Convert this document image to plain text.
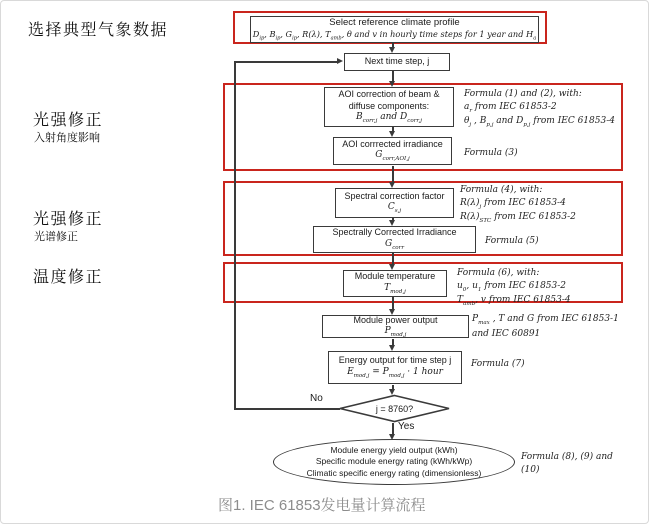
选择典型气象数据
光强修正
入射角度影响
光强修正
光谱修正
温度修正
Select reference climate profile
$D_{ip}$, $B_{ip}$, $G_{ip}$, R(λ), $T_{amb}$, θ and v in hourly time steps for 1 year and $H_a$
Next time step, j
AOI correction of beam &
diffuse components:
$B_{corr,j}$ and $D_{corr,j}$
AOI corrrected irradiance
$G_{corr,AOI,j}$
Spectral correction factor
$C_{s,j}$
Spectrally Corrected Irradiance
$G_{corr}$
Module temperature
$T_{mod,j}$
Module power output
$P_{mod,j}$
Energy output for time step j
$E_{mod,j} = P_{mod,j} \cdot 1$ hour
j = 8760?
No
Yes
Module energy yield output (kWh)
Specific module energy rating (kWh/kWp)
Climatic specific energy rating (dimensionless)
Formula (1) and (2), with:
$a_r$ from IEC 61853-2
$\theta_j$ , $B_{p,j}$ and $D_{p,j}$ from IEC 61853-4
Formula (3)
Formula (4), with:
$R(\lambda)_j$ from IEC 61853-4
$R(\lambda)_{STC}$ from IEC 61853-2
Formula (5)
Formula (6), with:
$u_0$, $u_1$ from IEC 61853-2
$T_{amb}$, v from IEC 61853-4
$P_{max}$ , T and G from IEC 61853-1
and IEC 60891
Formula (7)
Formula (8), (9) and
(10)
图1. IEC 61853发电量计算流程
